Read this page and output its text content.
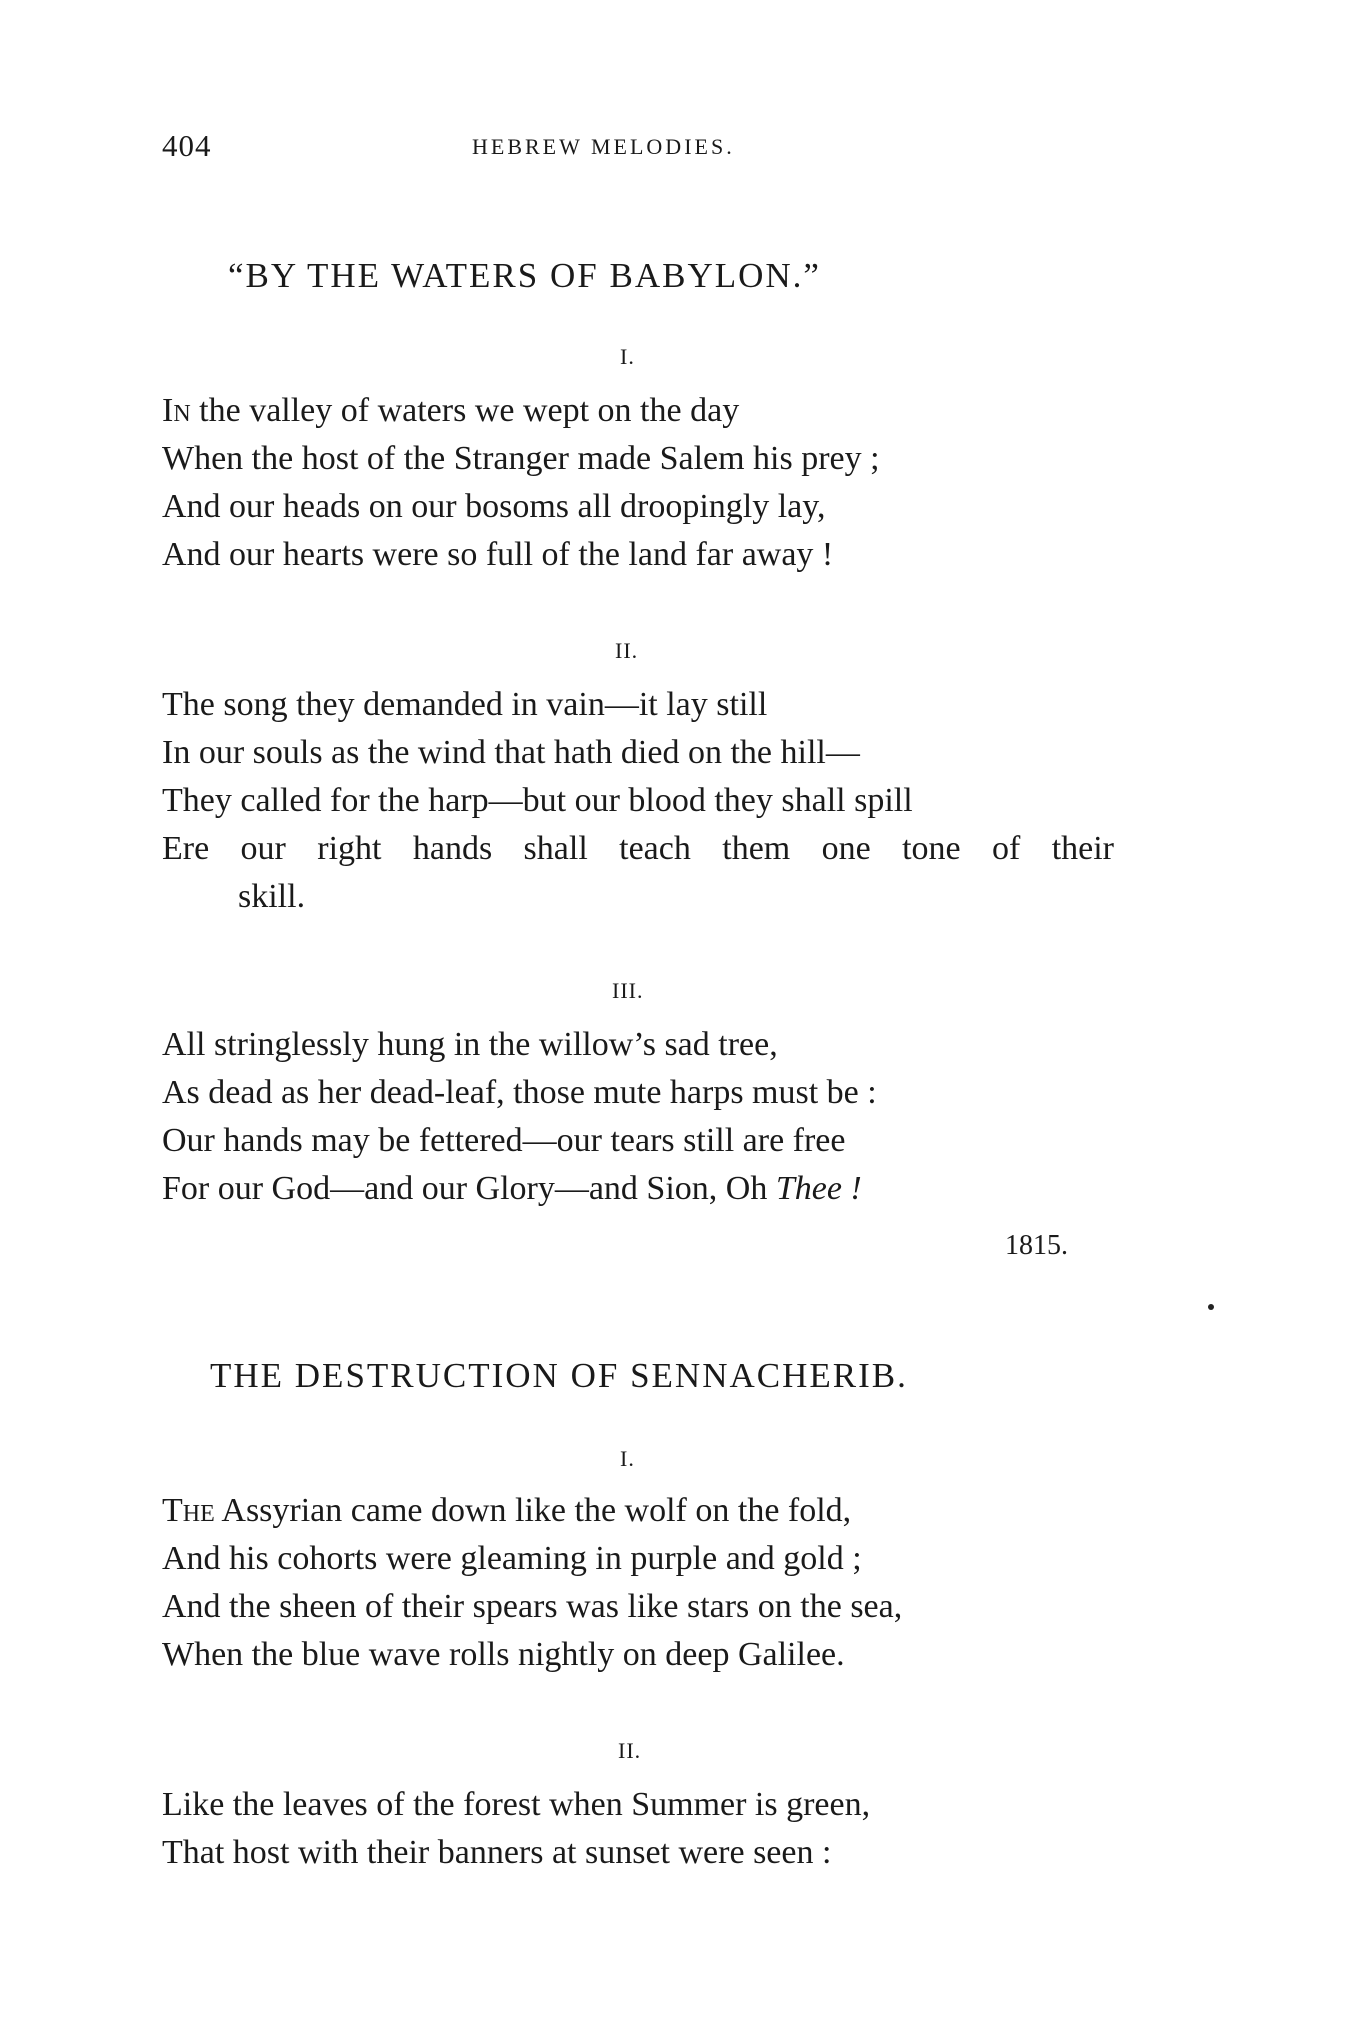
404	HEBREW MELODIES.
“BY THE WATERS OF BABYLON.”
I.
In the valley of waters we wept on the day
When the host of the Stranger made Salem his prey ;
And our heads on our bosoms all droopingly lay,
And our hearts were so full of the land far away !
II.
The song they demanded in vain—it lay still
In our souls as the wind that hath died on the hill—
They called for the harp—but our blood they shall spill
Ere our right hands shall teach them one tone of their
skill.
III.
All stringlessly hung in the willow’s sad tree,
As dead as her dead-leaf, those mute harps must be :
Our hands may be fettered—our tears still are free
For our God—and our Glory—and Sion, Oh Thee !
1815.
THE DESTRUCTION OF SENNACHERIB.
I.
The Assyrian came down like the wolf on the fold,
And his cohorts were gleaming in purple and gold ;
And the sheen of their spears was like stars on the sea,
When the blue wave rolls nightly on deep Galilee.
II.
Like the leaves of the forest when Summer is green,
That host with their banners at sunset were seen :
